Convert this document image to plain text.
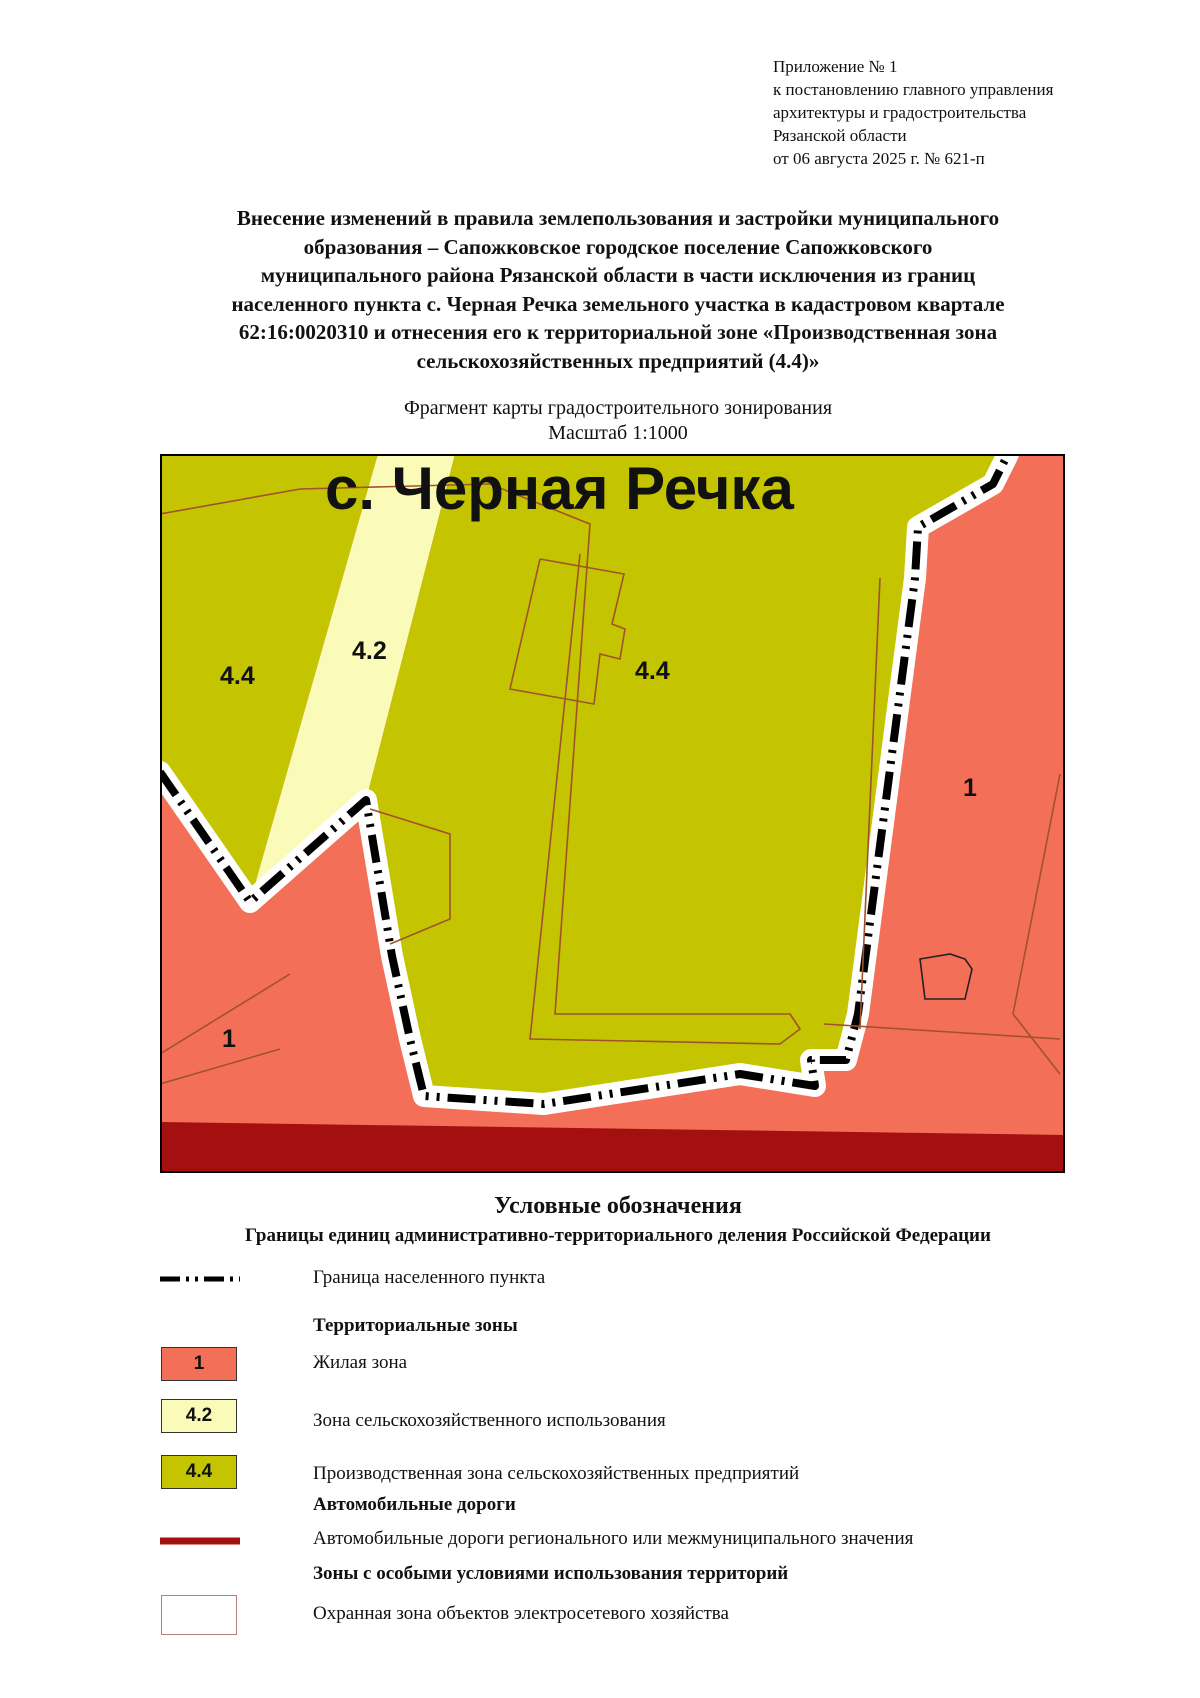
Приложение № 1
к постановлению главного управления
архитектуры и градостроительства
Рязанской области
от 06 августа 2025 г. № 621-п
Внесение изменений в правила землепользования и застройки муниципального
образования – Сапожковское городское поселение Сапожковского
муниципального района Рязанской области в части исключения из границ
населенного пункта с. Черная Речка земельного участка в кадастровом квартале
62:16:0020310 и отнесения его к территориальной зоне «Производственная зона
сельскохозяйственных предприятий (4.4)»
Фрагмент карты градостроительного зонирования
Масштаб 1:1000
с. Черная Речка
4.4
4.2
4.4
1
1
Условные обозначения
Границы единиц административно-территориального деления Российской Федерации
Граница населенного пункта
Территориальные зоны
1	Жилая зона
4.2	Зона сельскохозяйственного использования
4.4	Производственная зона сельскохозяйственных предприятий
Автомобильные дороги
Автомобильные дороги регионального или межмуниципального значения
Зоны с особыми условиями использования территорий
Охранная зона объектов электросетевого хозяйства
